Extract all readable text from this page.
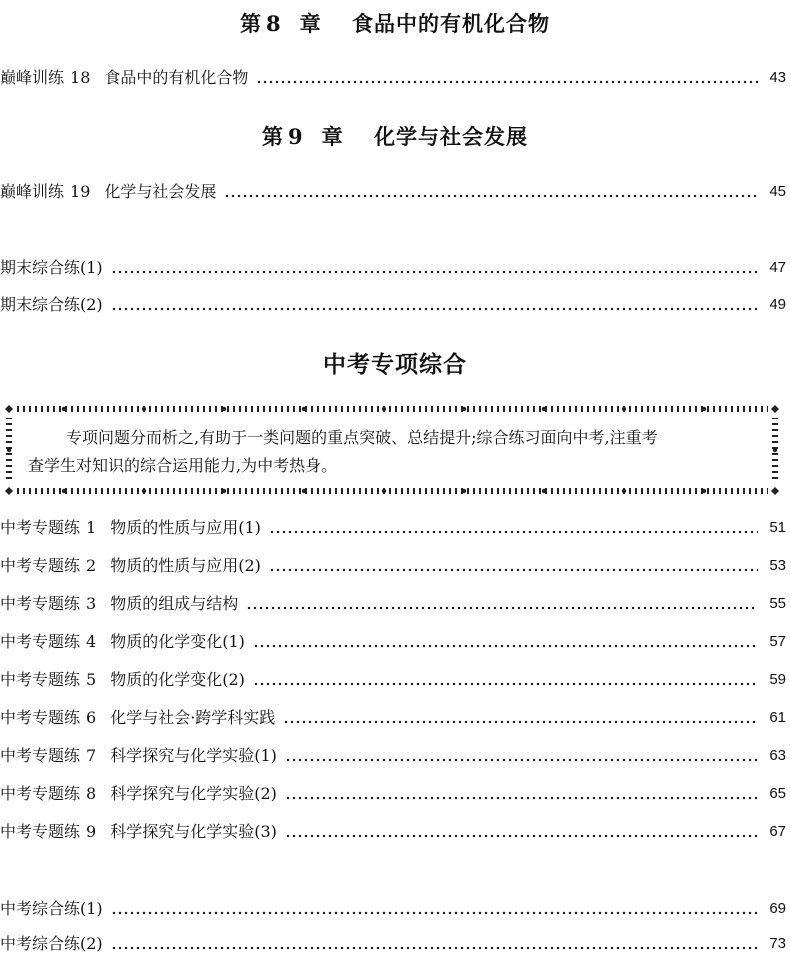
第 8 章 食品中的有机化合物
巅峰训练 18 食品中的有机化合物	43
第 9 章 化学与社会发展
巅峰训练 19 化学与社会发展	45
期末综合练(1)	47
期末综合练(2)	49
中考专项综合

专项问题分而析之,有助于一类问题的重点突破、总结提升;综合练习面向中考,注重考

查学生对知识的综合运用能力,为中考热身。

中考专题练 1 物质的性质与应用(1)	51
中考专题练 2 物质的性质与应用(2)	53
中考专题练 3 物质的组成与结构	55
中考专题练 4 物质的化学变化(1)	57
中考专题练 5 物质的化学变化(2)	59
中考专题练 6 化学与社会·跨学科实践	61
中考专题练 7 科学探究与化学实验(1)	63
中考专题练 8 科学探究与化学实验(2)	65
中考专题练 9 科学探究与化学实验(3)	67
中考综合练(1)	69
中考综合练(2)	73
